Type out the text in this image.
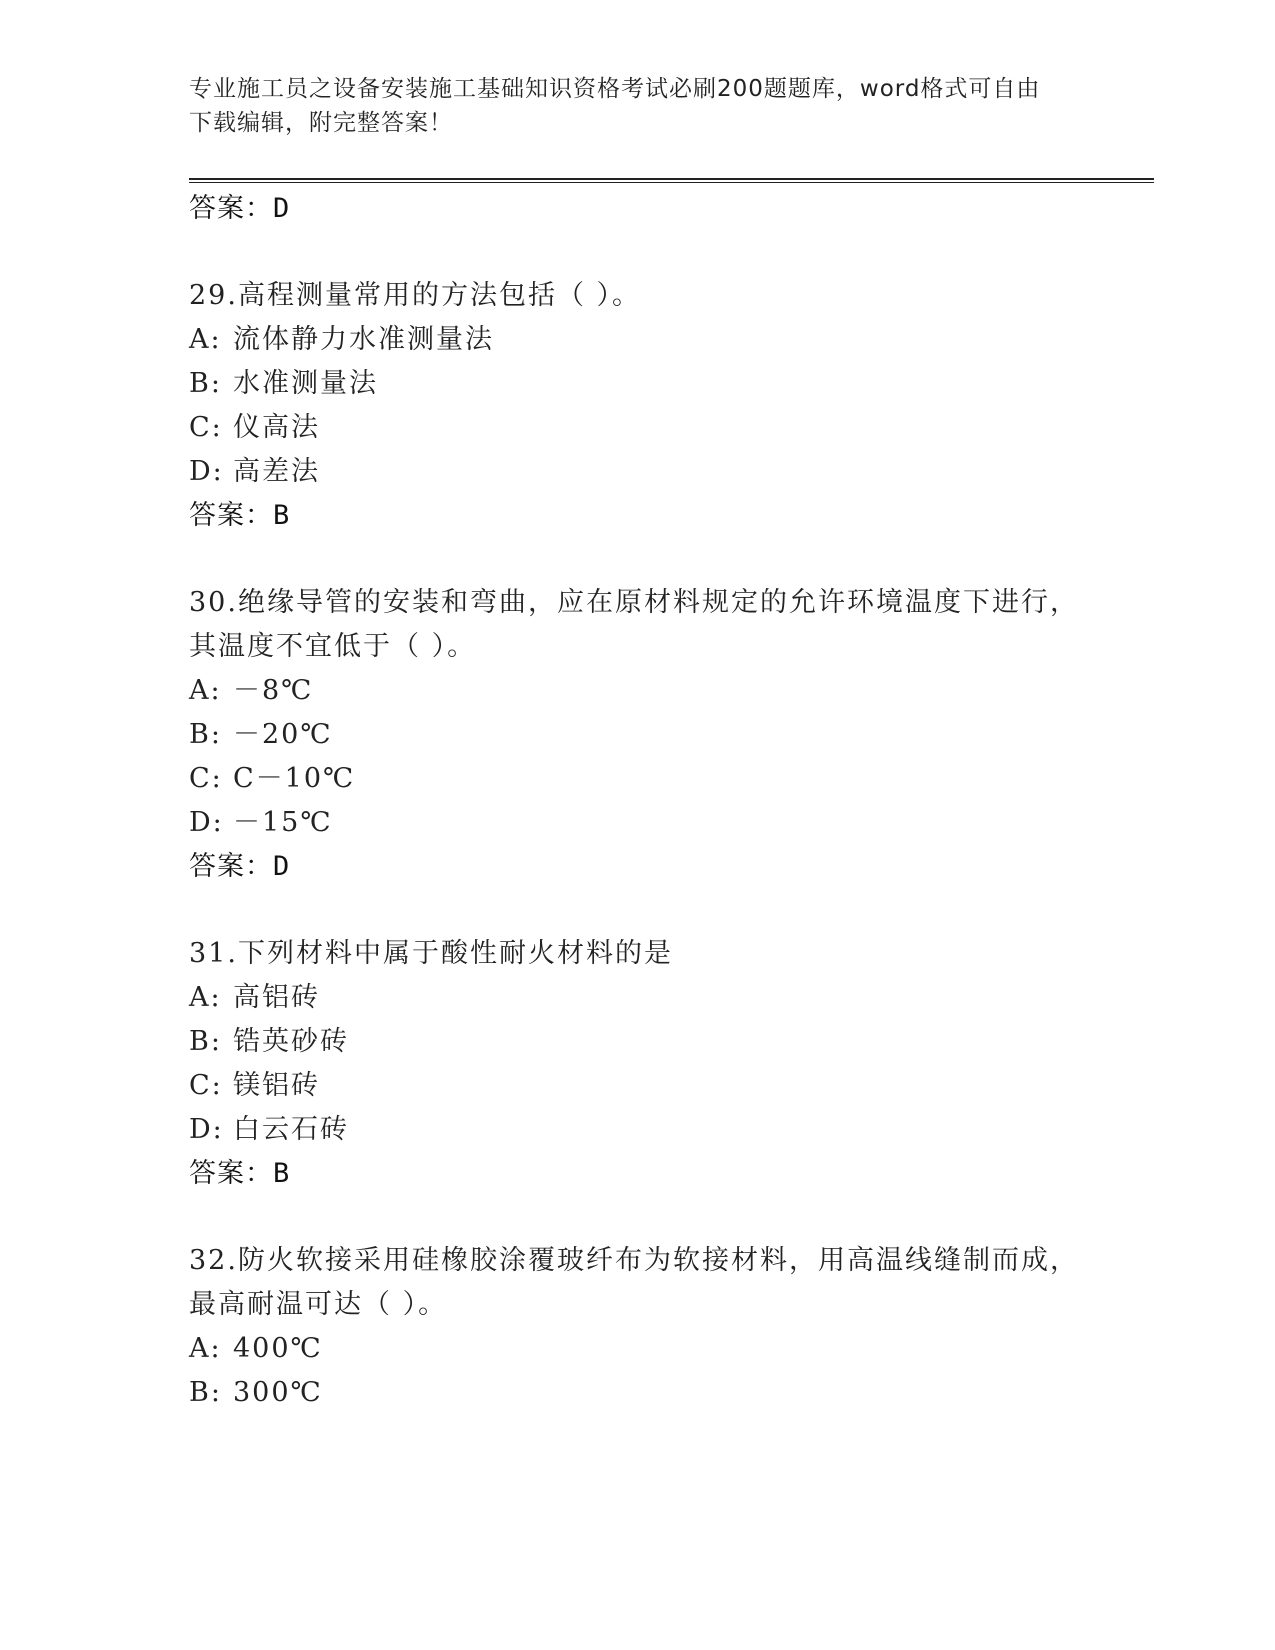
专业施工员之设备安装施工基础知识资格考试必刷200题题库，word格式可自由
下载编辑，附完整答案！
答案：D
29.高程测量常用的方法包括（ ）。
A: 流体静力水准测量法
B: 水准测量法
C: 仪高法
D: 高差法
答案：B
30.绝缘导管的安装和弯曲，应在原材料规定的允许环境温度下进行，
其温度不宜低于（ ）。
A: －8℃
B: －20℃
C: C－10℃
D: －15℃
答案：D
31.下列材料中属于酸性耐火材料的是
A: 高铝砖
B: 锆英砂砖
C: 镁铝砖
D: 白云石砖
答案：B
32.防火软接采用硅橡胶涂覆玻纤布为软接材料，用高温线缝制而成，
最高耐温可达（ ）。
A: 400℃
B: 300℃
